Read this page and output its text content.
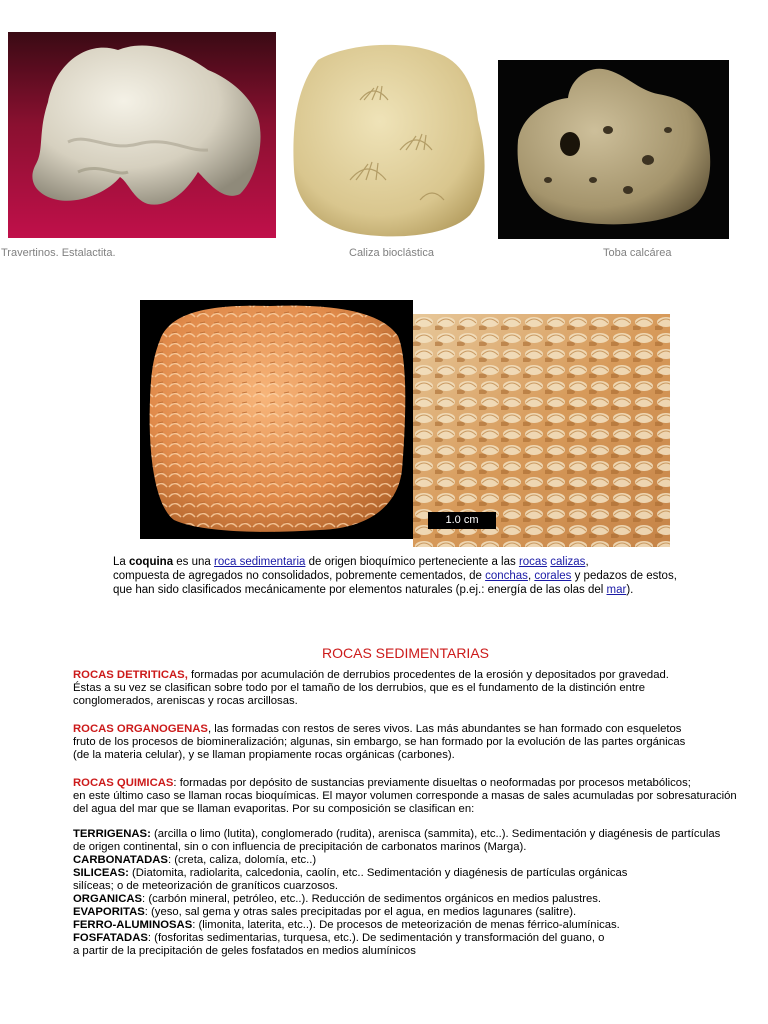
Travertinos. Estalactita.	Caliza bioclástica	Toba calcárea
1.0 cm
La coquina es una roca sedimentaria de origen bioquímico perteneciente a las rocas calizas,
compuesta de agregados no consolidados, pobremente cementados, de conchas, corales y pedazos de estos,
que han sido clasificados mecánicamente por elementos naturales (p.ej.: energía de las olas del mar).
ROCAS SEDIMENTARIAS
ROCAS DETRITICAS, formadas por acumulación de derrubios procedentes de la erosión y depositados por gravedad.
Éstas a su vez se clasifican sobre todo por el tamaño de los derrubios, que es el fundamento de la distinción entre
conglomerados, areniscas y rocas arcillosas.
ROCAS ORGANOGENAS, las formadas con restos de seres vivos. Las más abundantes se han formado con esqueletos
fruto de los procesos de biomineralización; algunas, sin embargo, se han formado por la evolución de las partes orgánicas
(de la materia celular), y se llaman propiamente rocas orgánicas (carbones).
ROCAS QUIMICAS: formadas por depósito de sustancias previamente disueltas o neoformadas por procesos metabólicos;
en este último caso se llaman rocas bioquímicas. El mayor volumen corresponde a masas de sales acumuladas por sobresaturación
del agua del mar que se llaman evaporitas. Por su composición se clasifican en:
TERRIGENAS: (arcilla o limo (lutita), conglomerado (rudita), arenisca (sammita), etc..). Sedimentación y diagénesis de partículas
de origen continental, sin o con influencia de precipitación de carbonatos marinos (Marga).
CARBONATADAS: (creta, caliza, dolomía, etc..)
SILICEAS: (Diatomita, radiolarita, calcedonia, caolín, etc.. Sedimentación y diagénesis de partículas orgánicas
silíceas; o de meteorización de graníticos cuarzosos.
ORGANICAS: (carbón mineral, petróleo, etc..). Reducción de sedimentos orgánicos en medios palustres.
EVAPORITAS: (yeso, sal gema y otras sales precipitadas por el agua, en medios lagunares (salitre).
FERRO-ALUMINOSAS: (limonita, laterita, etc..). De procesos de meteorización de menas férrico-alumínicas.
FOSFATADAS: (fosforitas sedimentarias, turquesa, etc.). De sedimentación y transformación del guano, o
a partir de la precipitación de geles fosfatados en medios alumínicos
